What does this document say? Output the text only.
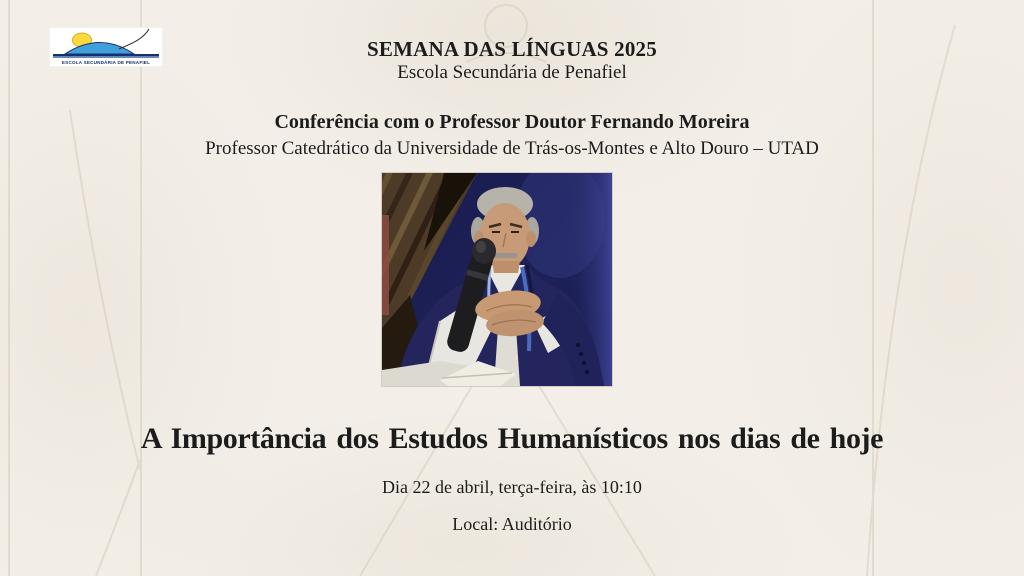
ESCOLA SECUNDÁRIA DE PENAFIEL
SEMANA DAS LÍNGUAS 2025
Escola Secundária de Penafiel
Conferência com o Professor Doutor Fernando Moreira
Professor Catedrático da Universidade de Trás-os-Montes e Alto Douro – UTAD
A Importância dos Estudos Humanísticos nos dias de hoje
Dia 22 de abril, terça-feira, às 10:10
Local: Auditório
